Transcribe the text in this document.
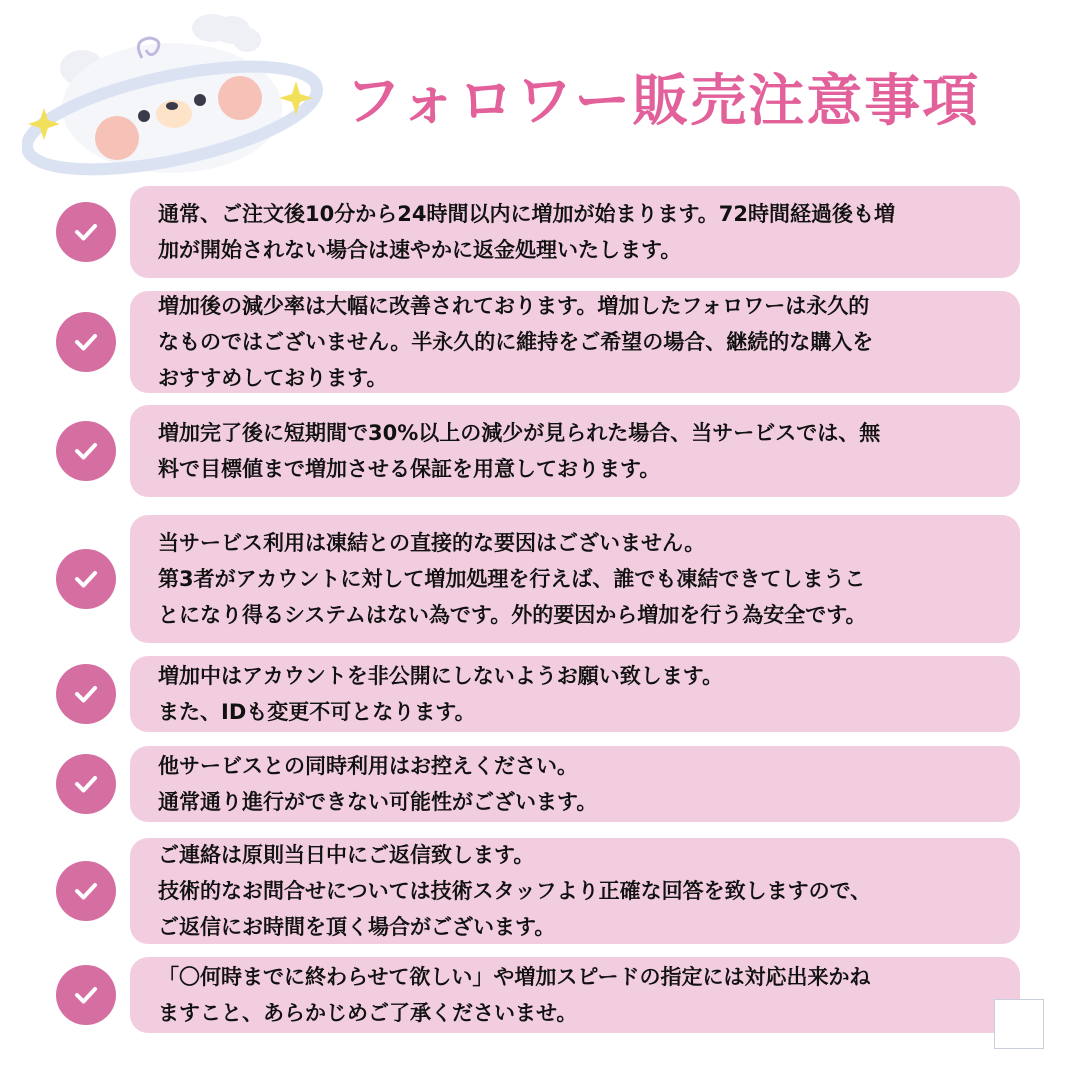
フォロワー販売注意事項
通常、ご注文後10分から24時間以内に増加が始まります。72時間経過後も増
加が開始されない場合は速やかに返金処理いたします。
増加後の減少率は大幅に改善されております。増加したフォロワーは永久的
なものではございません。半永久的に維持をご希望の場合、継続的な購入を
おすすめしております。
増加完了後に短期間で30%以上の減少が見られた場合、当サービスでは、無
料で目標値まで増加させる保証を用意しております。
当サービス利用は凍結との直接的な要因はございません。
第3者がアカウントに対して増加処理を行えば、誰でも凍結できてしまうこ
とになり得るシステムはない為です。外的要因から増加を行う為安全です。
増加中はアカウントを非公開にしないようお願い致します。
また、IDも変更不可となります。
他サービスとの同時利用はお控えください。
通常通り進行ができない可能性がございます。
ご連絡は原則当日中にご返信致します。
技術的なお問合せについては技術スタッフより正確な回答を致しますので、
ご返信にお時間を頂く場合がございます。
「〇何時までに終わらせて欲しい」や増加スピードの指定には対応出来かね
ますこと、あらかじめご了承くださいませ。
